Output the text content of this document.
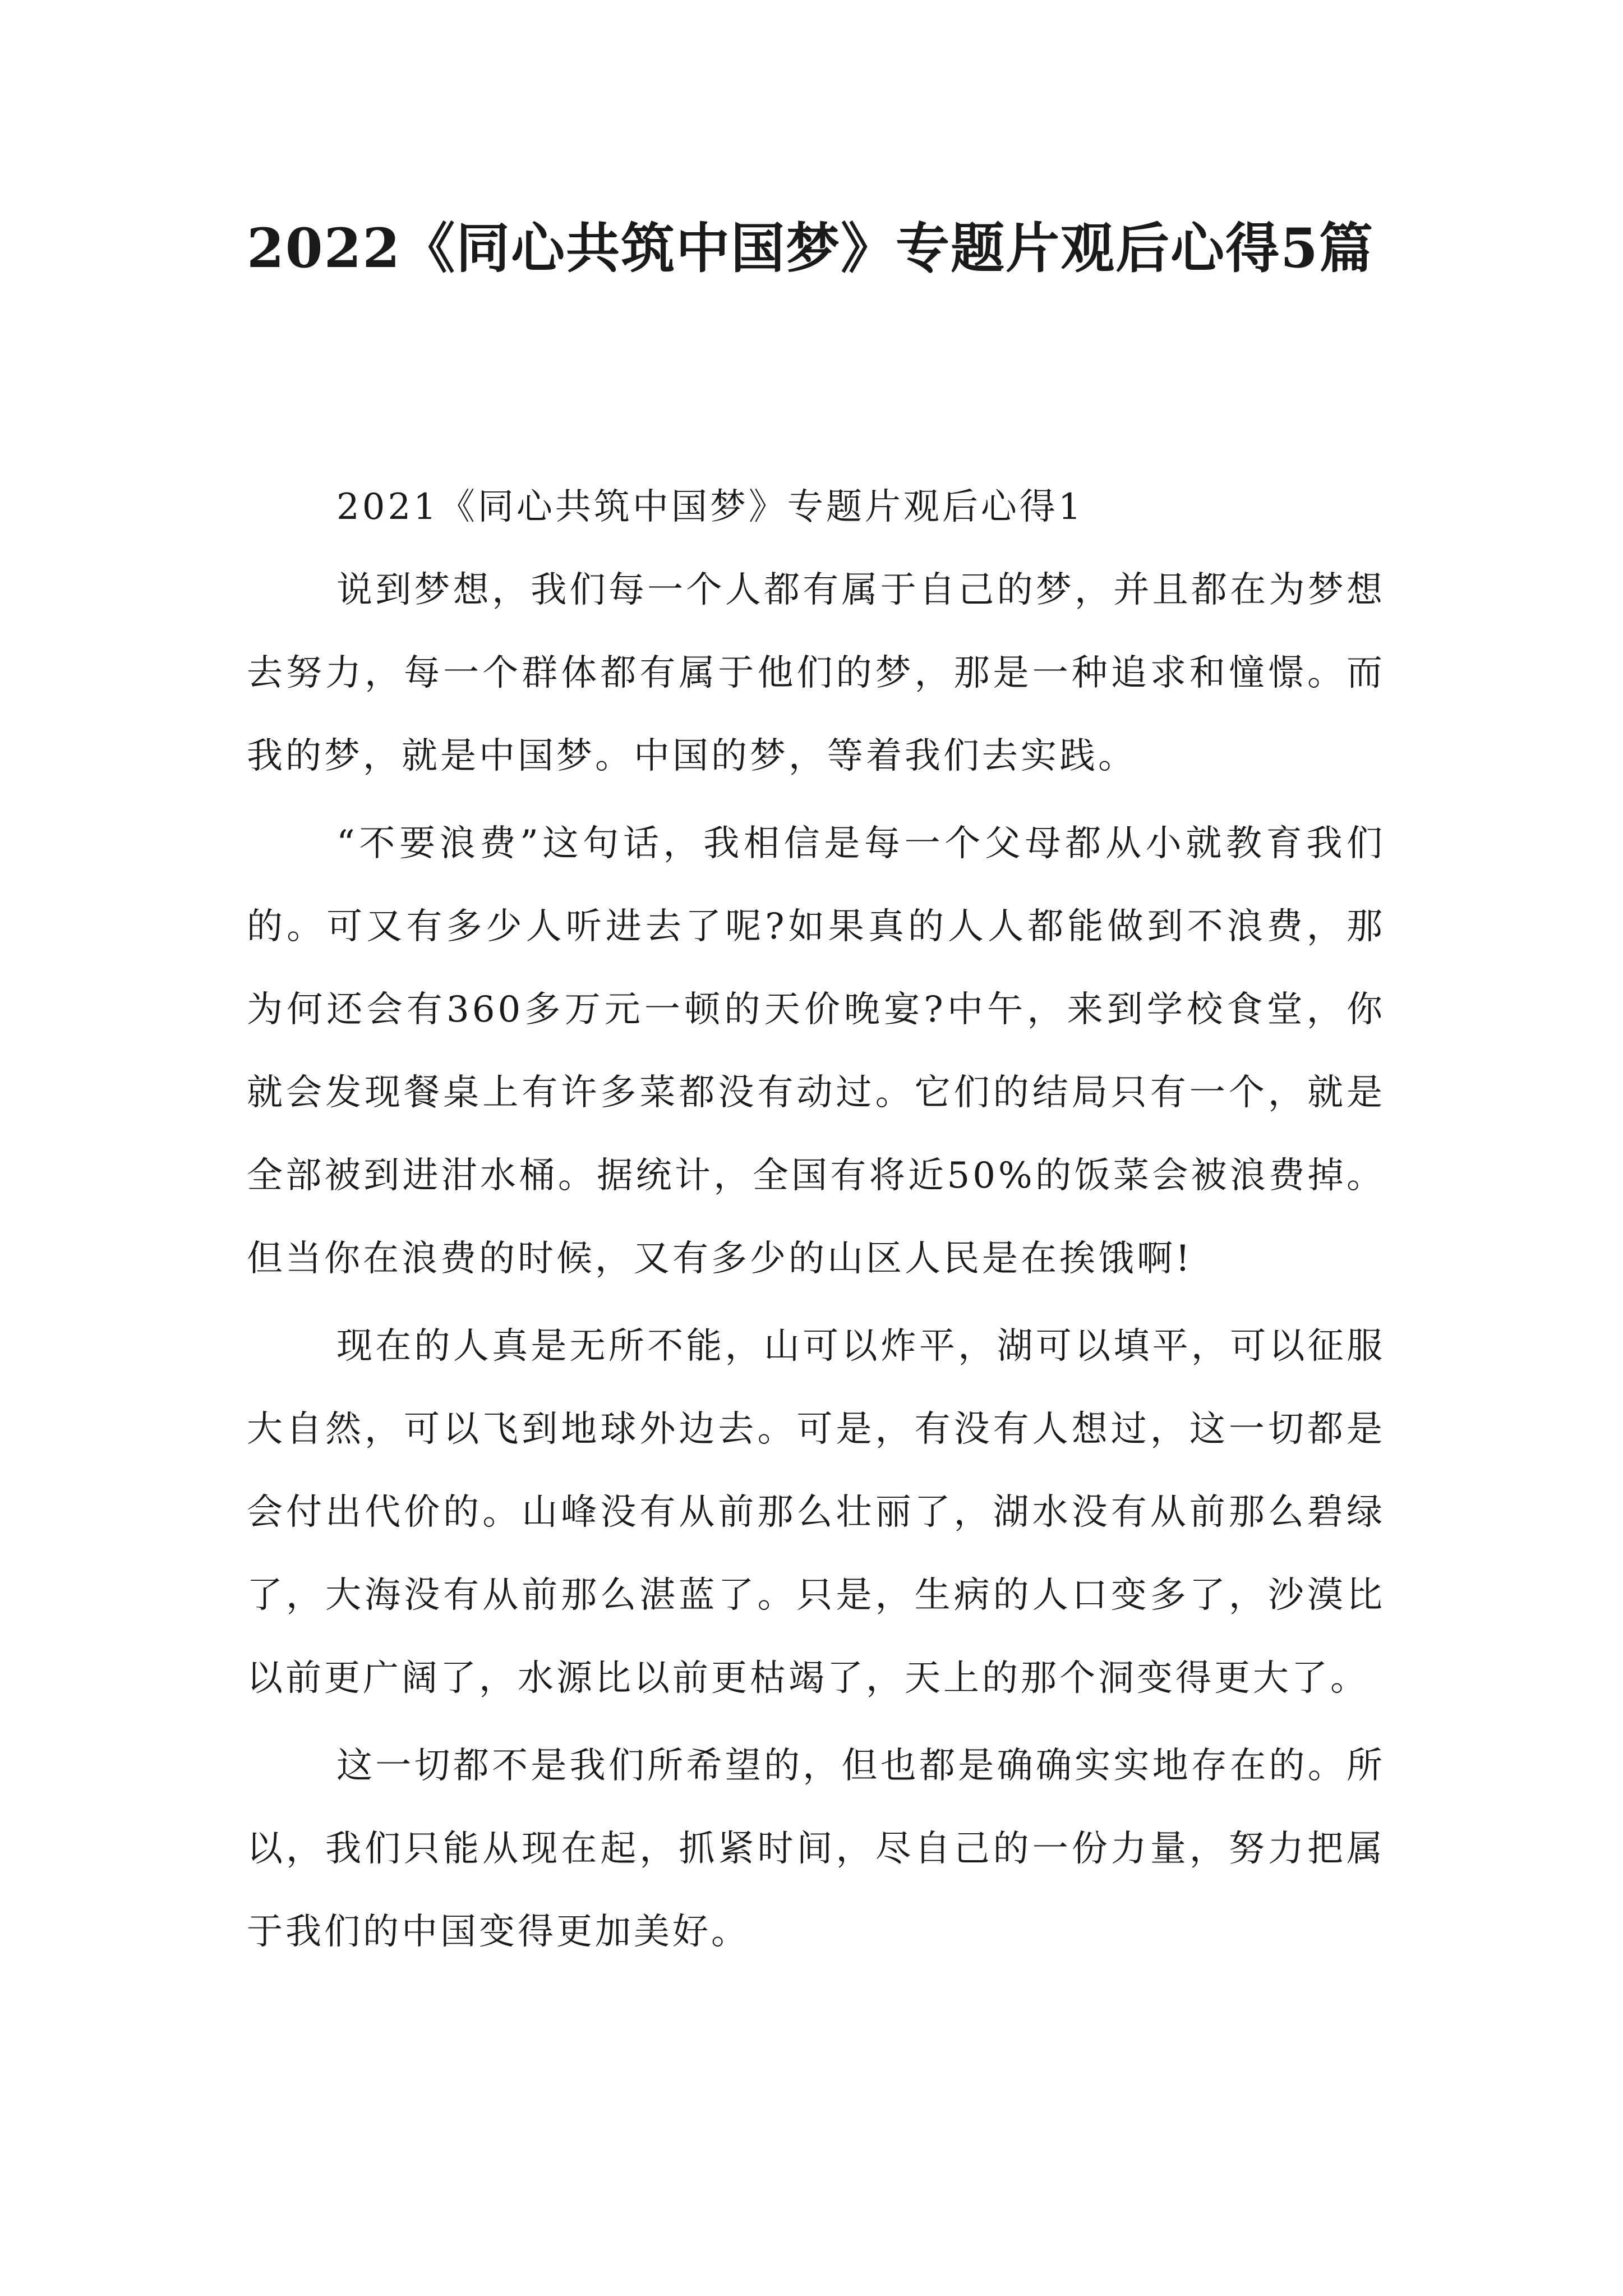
2022《同心共筑中国梦》专题片观后心得5篇

2021《同心共筑中国梦》专题片观后心得1

说到梦想，我们每一个人都有属于自己的梦，并且都在为梦想去努力，每一个群体都有属于他们的梦，那是一种追求和憧憬。而我的梦，就是中国梦。中国的梦，等着我们去实践。

“不要浪费”这句话，我相信是每一个父母都从小就教育我们的。可又有多少人听进去了呢?如果真的人人都能做到不浪费，那为何还会有360多万元一顿的天价晚宴?中午，来到学校食堂，你就会发现餐桌上有许多菜都没有动过。它们的结局只有一个，就是全部被到进泔水桶。据统计，全国有将近50%的饭菜会被浪费掉。但当你在浪费的时候，又有多少的山区人民是在挨饿啊!

现在的人真是无所不能，山可以炸平，湖可以填平，可以征服大自然，可以飞到地球外边去。可是，有没有人想过，这一切都是会付出代价的。山峰没有从前那么壮丽了，湖水没有从前那么碧绿了，大海没有从前那么湛蓝了。只是，生病的人口变多了，沙漠比以前更广阔了，水源比以前更枯竭了，天上的那个洞变得更大了。

这一切都不是我们所希望的，但也都是确确实实地存在的。所以，我们只能从现在起，抓紧时间，尽自己的一份力量，努力把属于我们的中国变得更加美好。
